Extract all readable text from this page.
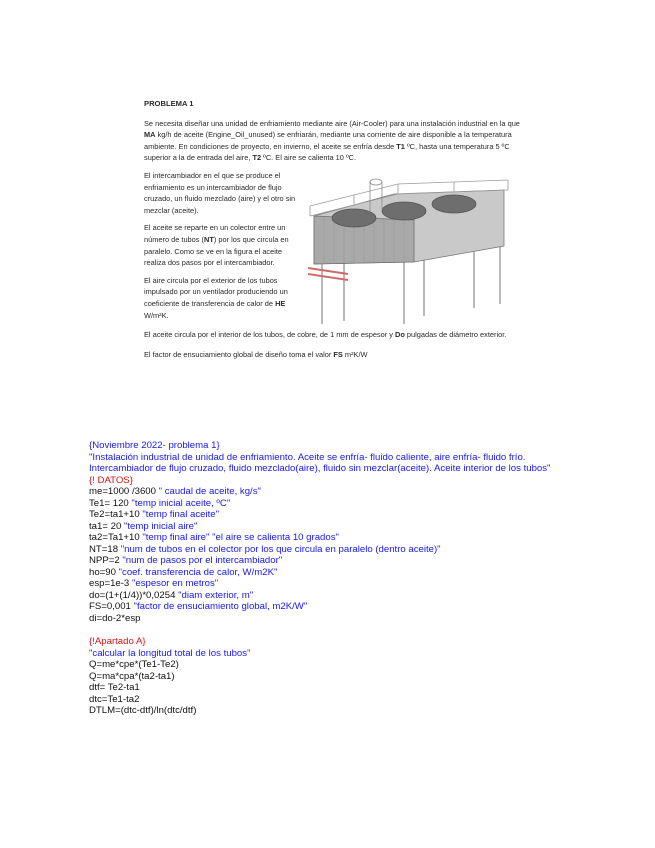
PROBLEMA 1

Se necesita diseñar una unidad de enfriamiento mediante aire (Air-Cooler) para una instalación industrial en la que MA kg/h de aceite (Engine_Oil_unused) se enfriarán, mediante una corriente de aire disponible a la temperatura ambiente. En condiciones de proyecto, en invierno, el aceite se enfría desde T1 ºC, hasta una temperatura 5 ºC superior a la de entrada del aire, T2 ºC. El aire se calienta 10 ºC.

El intercambiador en el que se produce el enfriamiento es un intercambiador de flujo cruzado, un fluido mezclado (aire) y el otro sin mezclar (aceite).

El aceite se reparte en un colector entre un número de tubos (NT) por los que circula en paralelo. Como se ve en la figura el aceite realiza dos pasos por el intercambiador.

El aire circula por el exterior de los tubos impulsado por un ventilador produciendo un coeficiente de transferencia de calor de HE W/m²K.

El aceite circula por el interior de los tubos, de cobre, de 1 mm de espesor y Do pulgadas de diámetro exterior.

El factor de ensuciamiento global de diseño toma el valor FS m²K/W

{Noviembre 2022- problema 1}
"Instalación industrial de unidad de enfriamiento. Aceite se enfría- fluido caliente, aire enfría- fluido frío.
Intercambiador de flujo cruzado, fluido mezclado(aire), fluido sin mezclar(aceite). Aceite interior de los tubos"
{! DATOS}
me=1000 /3600 " caudal de aceite, kg/s"
Te1= 120 "temp inicial aceite, ºC"
Te2=ta1+10 "temp final aceite"
ta1= 20 "temp inicial aire"
ta2=Ta1+10 "temp final aire" "el aire se calienta 10 grados"
NT=18 "num de tubos en el colector por los que circula en paralelo (dentro aceite)"
NPP=2 "num de pasos por el intercambiador"
ho=90 "coef. transferencia de calor, W/m2K"
esp=1e-3 "espesor en metros"
do=(1+(1/4))*0,0254 "diam exterior, m"
FS=0,001 "factor de ensuciamiento global, m2K/W"
di=do-2*esp
{!Apartado A}
"calcular la longitud total de los tubos"
Q=me*cpe*(Te1-Te2)
Q=ma*cpa*(ta2-ta1)
dtf= Te2-ta1
dtc=Te1-ta2
DTLM=(dtc-dtf)/ln(dtc/dtf)
